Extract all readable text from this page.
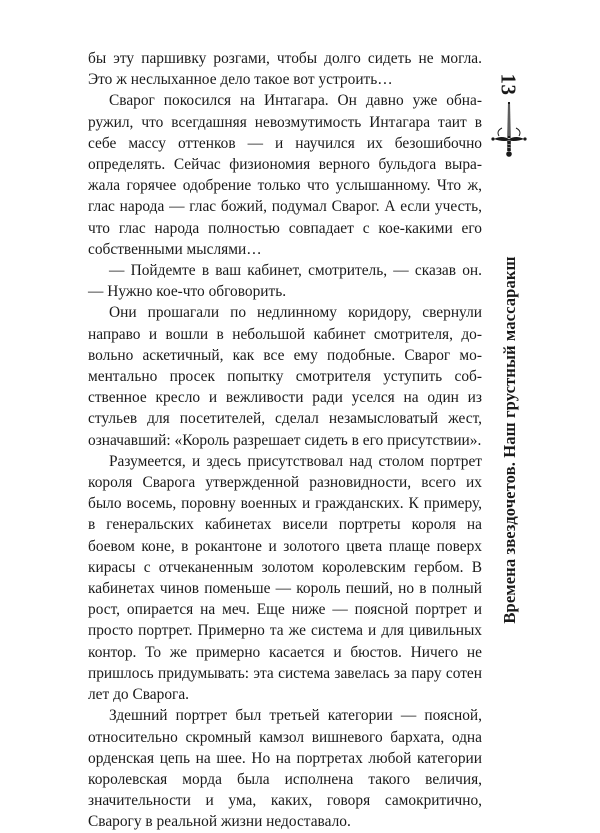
бы эту паршивку розгами, чтобы долго сидеть не могла. Это ж неслыханное дело такое вот устроить…

Сварог покосился на Интагара. Он давно уже обнаружил, что всегдашняя невозмутимость Интагара таит в себе массу оттенков — и научился их безошибочно определять. Сейчас физиономия верного бульдога выражала горячее одобрение только что услышанному. Что ж, глас народа — глас божий, подумал Сварог. А если учесть, что глас народа полностью совпадает с кое-какими его собственными мыслями…

— Пойдемте в ваш кабинет, смотритель, — сказав он. — Нужно кое-что обговорить.

Они прошагали по недлинному коридору, свернули направо и вошли в небольшой кабинет смотрителя, довольно аскетичный, как все ему подобные. Сварог моментально просек попытку смотрителя уступить собственное кресло и вежливости ради уселся на один из стульев для посетителей, сделал незамысловатый жест, означавший: «Король разрешает сидеть в его присутствии».

Разумеется, и здесь присутствовал над столом портрет короля Сварога утвержденной разновидности, всего их было восемь, поровну военных и гражданских. К примеру, в генеральских кабинетах висели портреты короля на боевом коне, в рокантоне и золотого цвета плаще поверх кирасы с отчеканенным золотом королевским гербом. В кабинетах чинов поменьше — король пеший, но в полный рост, опирается на меч. Еще ниже — поясной портрет и просто портрет. Примерно та же система и для цивильных контор. То же примерно касается и бюстов. Ничего не пришлось придумывать: эта система завелась за пару сотен лет до Сварога.

Здешний портрет был третьей категории — поясной, относительно скромный камзол вишневого бархата, одна орденская цепь на шее. Но на портретах любой категории королевская морда была исполнена такого величия, значительности и ума, каких, говоря самокритично, Сварогу в реальной жизни недоставало.

13
Времена звездочетов. Наш грустный массаракш
